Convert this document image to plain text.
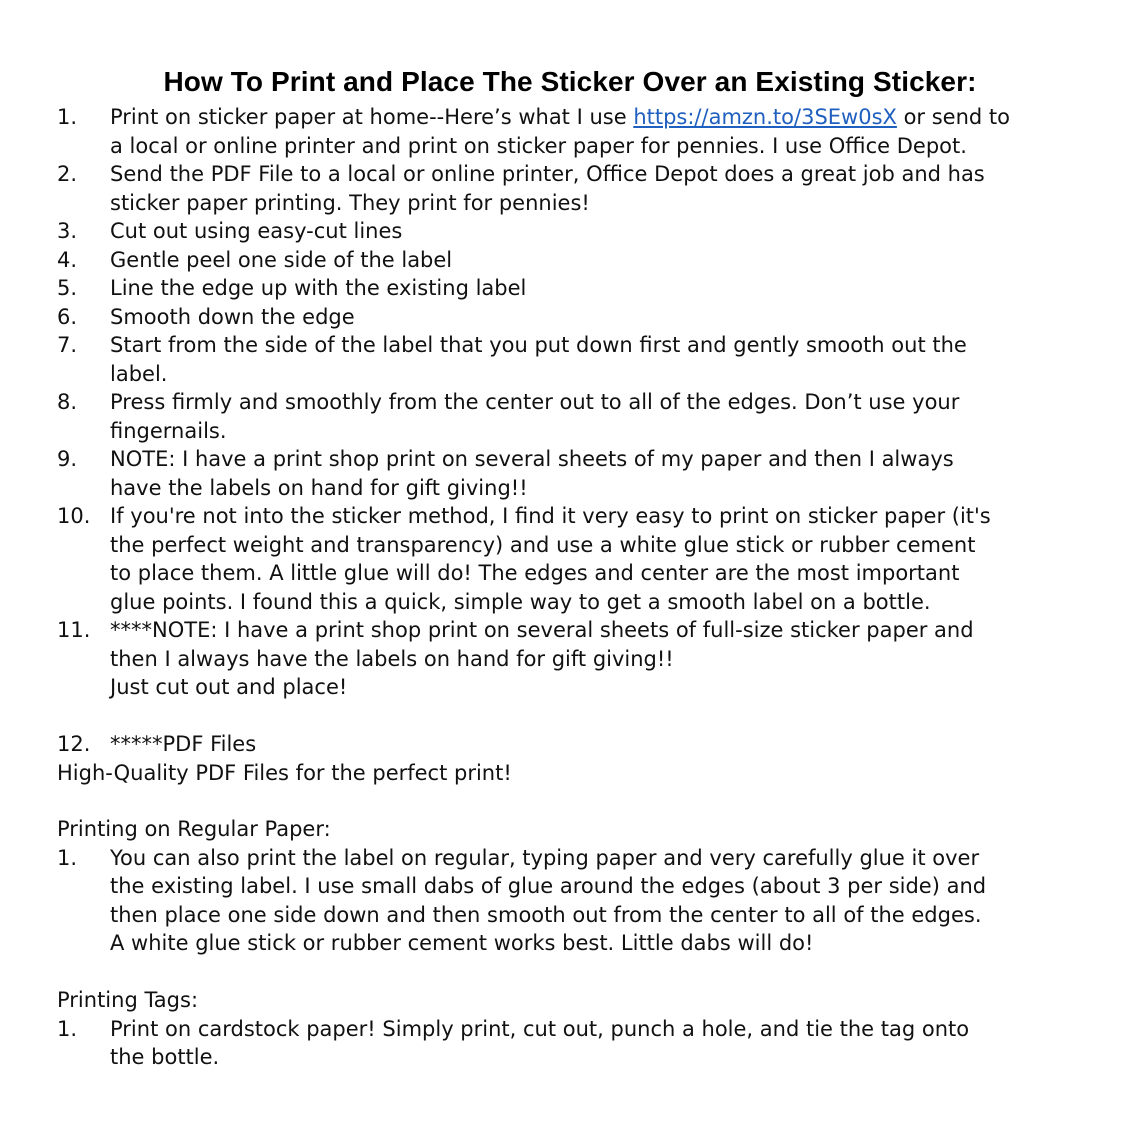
How To Print and Place The Sticker Over an Existing Sticker:
1.	Print on sticker paper at home--Here’s what I use https://amzn.to/3SEw0sX or send to
a local or online printer and print on sticker paper for pennies. I use Office Depot.
2.	Send the PDF File to a local or online printer, Office Depot does a great job and has
sticker paper printing. They print for pennies!
3.	Cut out using easy-cut lines
4.	Gentle peel one side of the label
5.	Line the edge up with the existing label
6.	Smooth down the edge
7.	Start from the side of the label that you put down first and gently smooth out the
label.
8.	Press firmly and smoothly from the center out to all of the edges. Don’t use your
fingernails.
9.	NOTE: I have a print shop print on several sheets of my paper and then I always
have the labels on hand for gift giving!!
10. If you're not into the sticker method, I find it very easy to print on sticker paper (it's
the perfect weight and transparency) and use a white glue stick or rubber cement
to place them. A little glue will do! The edges and center are the most important
glue points. I found this a quick, simple way to get a smooth label on a bottle.
11. ****NOTE: I have a print shop print on several sheets of full-size sticker paper and
then I always have the labels on hand for gift giving!!
Just cut out and place!
12. *****PDF Files
High-Quality PDF Files for the perfect print!
Printing on Regular Paper:
1.	You can also print the label on regular, typing paper and very carefully glue it over
the existing label. I use small dabs of glue around the edges (about 3 per side) and
then place one side down and then smooth out from the center to all of the edges.
A white glue stick or rubber cement works best. Little dabs will do!
Printing Tags:
1.	Print on cardstock paper! Simply print, cut out, punch a hole, and tie the tag onto
the bottle.
